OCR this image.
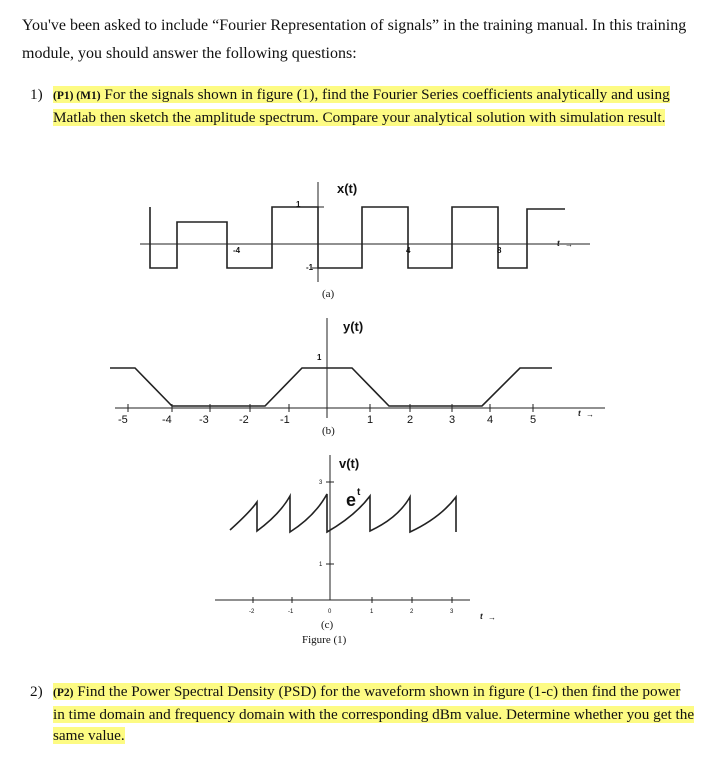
You've been asked to include “Fourier Representation of signals” in the training manual. In this training module, you should answer the following questions:
1) (P1) (M1) For the signals shown in figure (1), find the Fourier Series coefficients analytically and using Matlab then sketch the amplitude spectrum. Compare your analytical solution with simulation result.
2) (P2) Find the Power Spectral Density (PSD) for the waveform shown in figure (1-c) then find the power in time domain and frequency domain with the corresponding dBm value. Determine whether you get the same value.
x(t)
1
-1
-4	4	8
t →
(a)
y(t)
1
-5	-4 -3	-2	-1	1	2	3	4	5
t →
(b)
v(t)
e t
3
1
-2	-1	0	1	2	3	t →
(c)
Figure (1)
